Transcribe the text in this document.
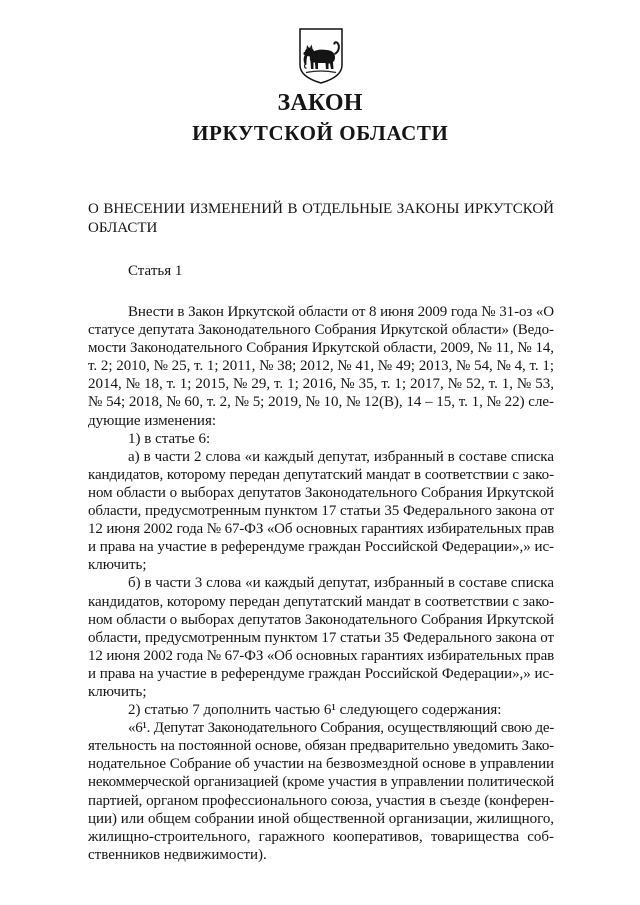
ЗАКОН
ИРКУТСКОЙ ОБЛАСТИ
О ВНЕСЕНИИ ИЗМЕНЕНИЙ В ОТДЕЛЬНЫЕ ЗАКОНЫ ИРКУТСКОЙ
ОБЛАСТИ
Статья 1
Внести в Закон Иркутской области от 8 июня 2009 года № 31-оз «О
статусе депутата Законодательного Собрания Иркутской области» (Ведо-
мости Законодательного Собрания Иркутской области, 2009, № 11, № 14,
т. 2; 2010, № 25, т. 1; 2011, № 38; 2012, № 41, № 49; 2013, № 54, № 4, т. 1;
2014, № 18, т. 1; 2015, № 29, т. 1; 2016, № 35, т. 1; 2017, № 52, т. 1, № 53,
№ 54; 2018, № 60, т. 2, № 5; 2019, № 10, № 12(В), 14 – 15, т. 1, № 22) сле-
дующие изменения:
1) в статье 6:
а) в части 2 слова «и каждый депутат, избранный в составе списка
кандидатов, которому передан депутатский мандат в соответствии с зако-
ном области о выборах депутатов Законодательного Собрания Иркутской
области, предусмотренным пунктом 17 статьи 35 Федерального закона от
12 июня 2002 года № 67-ФЗ «Об основных гарантиях избирательных прав
и права на участие в референдуме граждан Российской Федерации»,» ис-
ключить;
б) в части 3 слова «и каждый депутат, избранный в составе списка
кандидатов, которому передан депутатский мандат в соответствии с зако-
ном области о выборах депутатов Законодательного Собрания Иркутской
области, предусмотренным пунктом 17 статьи 35 Федерального закона от
12 июня 2002 года № 67-ФЗ «Об основных гарантиях избирательных прав
и права на участие в референдуме граждан Российской Федерации»,» ис-
ключить;
2) статью 7 дополнить частью 6¹ следующего содержания:
«6¹. Депутат Законодательного Собрания, осуществляющий свою де-
ятельность на постоянной основе, обязан предварительно уведомить Зако-
нодательное Собрание об участии на безвозмездной основе в управлении
некоммерческой организацией (кроме участия в управлении политической
партией, органом профессионального союза, участия в съезде (конферен-
ции) или общем собрании иной общественной организации, жилищного,
жилищно-строительного, гаражного кооперативов, товарищества соб-
ственников недвижимости).
